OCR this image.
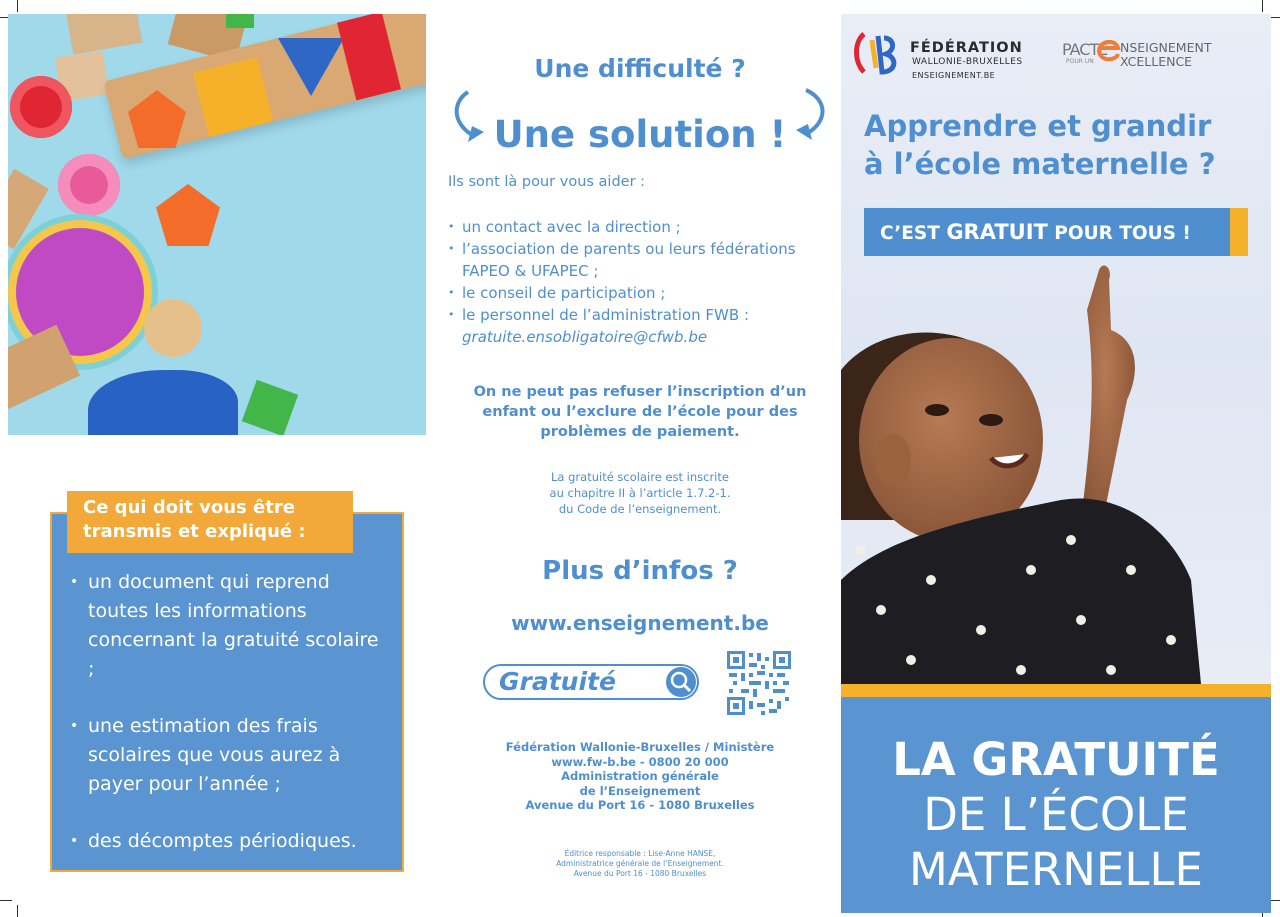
Ce qui doit vous être transmis et expliqué :
• un document qui reprend toutes les informations concernant la gratuité scolaire ;
• une estimation des frais scolaires que vous aurez à payer pour l’année ;
• des décomptes périodiques.
Une difficulté ?
Une solution !
Ils sont là pour vous aider :
• un contact avec la direction ;
• l’association de parents ou leurs fédérations FAPEO & UFAPEC ;
• le conseil de participation ;
• le personnel de l’administration FWB :
gratuite.ensobligatoire@cfwb.be
On ne peut pas refuser l’inscription d’un enfant ou l’exclure de l’école pour des problèmes de paiement.
La gratuité scolaire est inscrite
au chapitre II à l’article 1.7.2-1.
du Code de l’enseignement.
Plus d’infos ?
www.enseignement.be
Gratuité
Fédération Wallonie-Bruxelles / Ministère
www.fw-b.be - 0800 20 000
Administration générale
de l’Enseignement
Avenue du Port 16 - 1080 Bruxelles
Éditrice responsable : Lise-Anne HANSE,
Administratrice générale de l’Enseignement.
Avenue du Port 16 - 1080 Bruxelles
FÉDÉRATION
WALLONIE-BRUXELLES
ENSEIGNEMENT.BE
PACTE
POUR UN
NSEIGNEMENT
XCELLENCE
Apprendre et grandir
à l’école maternelle ?
C’EST GRATUIT POUR TOUS !
LA GRATUITÉ
DE L’ÉCOLE
MATERNELLE
